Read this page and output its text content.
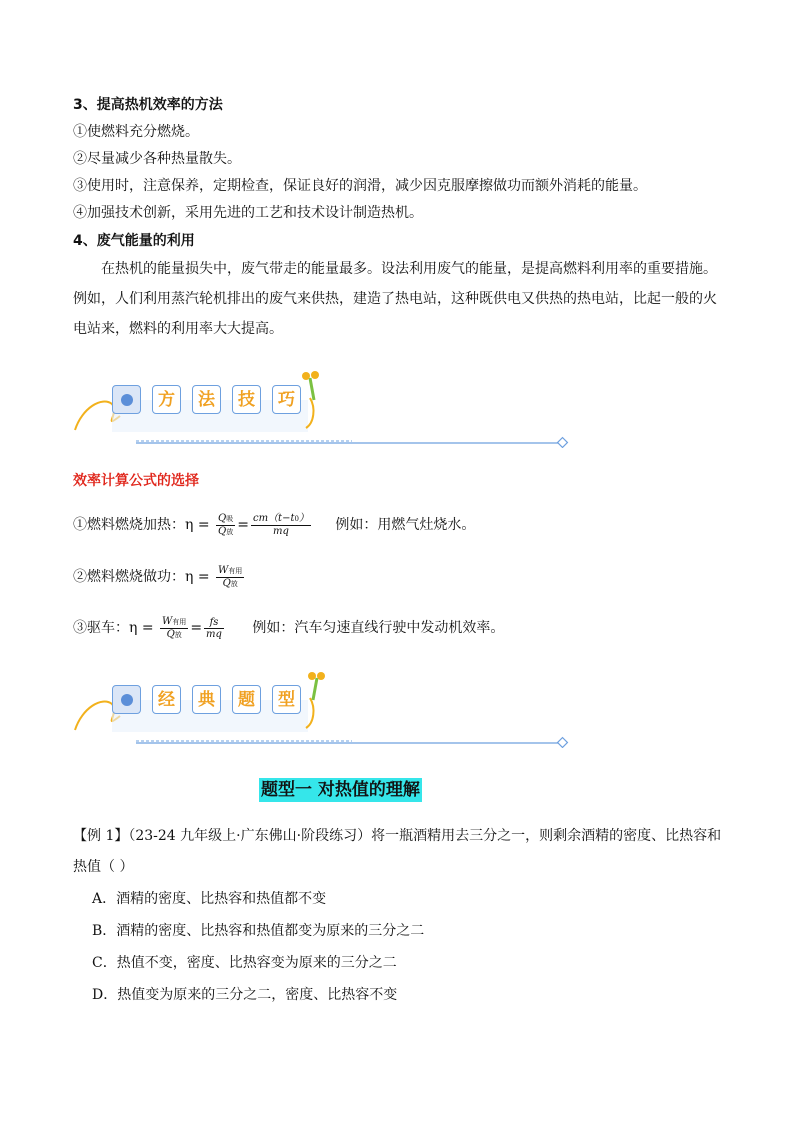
3、提高热机效率的方法
①使燃料充分燃烧。
②尽量减少各种热量散失。
③使用时，注意保养，定期检查，保证良好的润滑，减少因克服摩擦做功而额外消耗的能量。
④加强技术创新，采用先进的工艺和技术设计制造热机。
4、废气能量的利用
在热机的能量损失中，废气带走的能量最多。设法利用废气的能量，是提高燃料利用率的重要措施。例如，人们利用蒸汽轮机排出的废气来供热，建造了热电站，这种既供电又供热的热电站，比起一般的火电站来，燃料的利用率大大提高。
方	法	技	巧
效率计算公式的选择
①燃料燃烧加热：$\eta = \frac{\text{Q吸}}{\text{Q放}} = \frac{cm(t-t0)}{mq}$ 例如：用燃气灶烧水。
②燃料燃烧做功：$\eta = \frac{\text{W有用}}{\text{Q放}}$
③驱车：$\eta = \frac{\text{W有用}}{\text{Q放}} = \frac{fs}{mq}$ 例如：汽车匀速直线行驶中发动机效率。
经	典	题	型
题型一 对热值的理解
【例 1】（23-24 九年级上·广东佛山·阶段练习）将一瓶酒精用去三分之一，则剩余酒精的密度、比热容和
热值（ ）
A．酒精的密度、比热容和热值都不变
B．酒精的密度、比热容和热值都变为原来的三分之二
C．热值不变，密度、比热容变为原来的三分之二
D．热值变为原来的三分之二，密度、比热容不变
